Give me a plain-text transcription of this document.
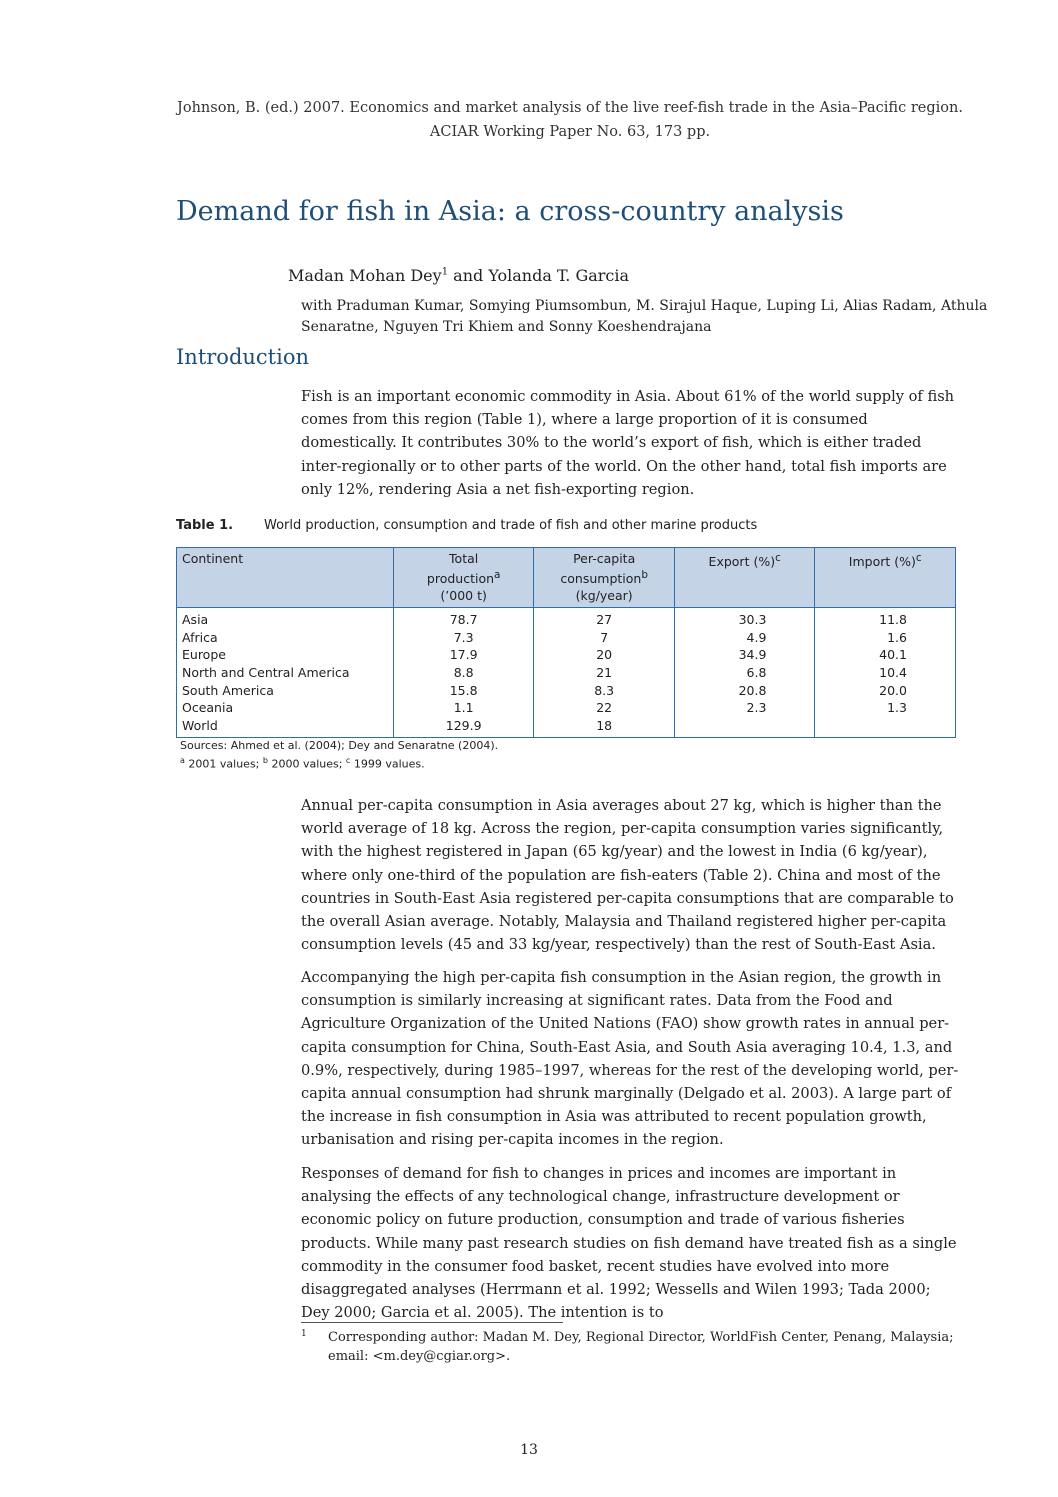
Johnson, B. (ed.) 2007. Economics and market analysis of the live reef-fish trade in the Asia–Pacific region.
ACIAR Working Paper No. 63, 173 pp.
Demand for fish in Asia: a cross-country analysis
Madan Mohan Dey$^1$ and Yolanda T. Garcia
with Praduman Kumar, Somying Piumsombun, M. Sirajul Haque, Luping Li, Alias Radam, Athula Senaratne, Nguyen Tri Khiem and Sonny Koeshendrajana
Introduction

Fish is an important economic commodity in Asia. About 61% of the world supply of fish comes from this region (Table 1), where a large proportion of it is consumed domestically. It contributes 30% to the world’s export of fish, which is either traded inter-regionally or to other parts of the world. On the other hand, total fish imports are only 12%, rendering Asia a net fish-exporting region.

Table 1. World production, consumption and trade of fish and other marine products
Continent	Total
production$^a$
(’000 t)	Per-capita
consumption$^b$
(kg/year)	Export (%)$^c$	Import (%)$^c$
Asia	78.7	27	30.3	11.8
Africa	7.3	7	4.9	1.6
Europe	17.9	20	34.9	40.1
North and Central America	8.8	21	6.8	10.4
South America	15.8	8.3	20.8	20.0
Oceania	1.1	22	2.3	1.3
World	129.9	18		
Sources: Ahmed et al. (2004); Dey and Senaratne (2004).
$^a$ 2001 values; $^b$ 2000 values; $^c$ 1999 values.

Annual per-capita consumption in Asia averages about 27 kg, which is higher than the world average of 18 kg. Across the region, per-capita consumption varies significantly, with the highest registered in Japan (65 kg/year) and the lowest in India (6 kg/year), where only one-third of the population are fish-eaters (Table 2). China and most of the countries in South-East Asia registered per-capita consumptions that are comparable to the overall Asian average. Notably, Malaysia and Thailand registered higher per-capita consumption levels (45 and 33 kg/year, respectively) than the rest of South-East Asia.

Accompanying the high per-capita fish consumption in the Asian region, the growth in consumption is similarly increasing at significant rates. Data from the Food and Agriculture Organization of the United Nations (FAO) show growth rates in annual per-capita consumption for China, South-East Asia, and South Asia averaging 10.4, 1.3, and 0.9%, respectively, during 1985–1997, whereas for the rest of the developing world, per-capita annual consumption had shrunk marginally (Delgado et al. 2003). A large part of the increase in fish consumption in Asia was attributed to recent population growth, urbanisation and rising per-capita incomes in the region.

Responses of demand for fish to changes in prices and incomes are important in analysing the effects of any technological change, infrastructure development or economic policy on future production, consumption and trade of various fisheries products. While many past research studies on fish demand have treated fish as a single commodity in the consumer food basket, recent studies have evolved into more disaggregated analyses (Herrmann et al. 1992; Wessells and Wilen 1993; Tada 2000; Dey 2000; Garcia et al. 2005). The intention is to

1 Corresponding author: Madan M. Dey, Regional Director, WorldFish Center, Penang, Malaysia; email: <m.dey@cgiar.org>.
13
